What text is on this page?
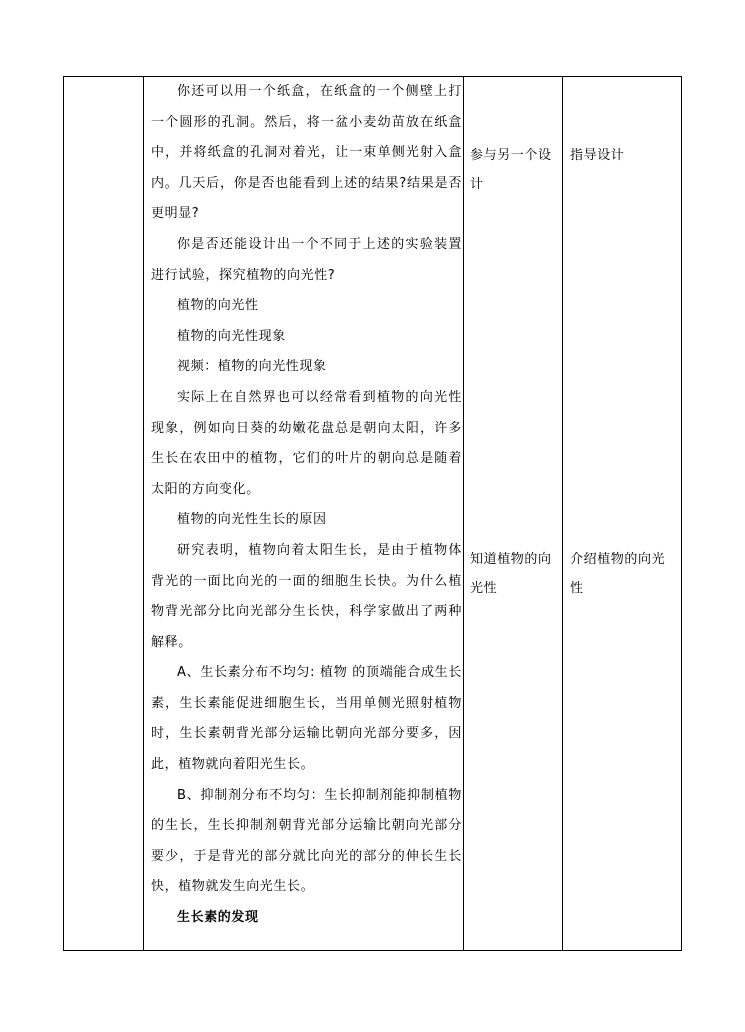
你还可以用一个纸盒，在纸盒的一个侧壁上打一个圆形的孔洞。然后，将一盆小麦幼苗放在纸盒中，并将纸盒的孔洞对着光，让一束单侧光射入盒内。几天后，你是否也能看到上述的结果?结果是否更明显?

你是否还能设计出一个不同于上述的实验装置进行试验，探究植物的向光性?

植物的向光性

植物的向光性现象

视频：植物的向光性现象

实际上在自然界也可以经常看到植物的向光性现象，例如向日葵的幼嫩花盘总是朝向太阳，许多生长在农田中的植物，它们的叶片的朝向总是随着太阳的方向变化。

植物的向光性生长的原因

研究表明，植物向着太阳生长，是由于植物体背光的一面比向光的一面的细胞生长快。为什么植物背光部分比向光部分生长快，科学家做出了两种解释。

A、生长素分布不均匀: 植物 的顶端能合成生长素，生长素能促进细胞生长，当用单侧光照射植物 时，生长素朝背光部分运输比朝向光部分要多，因此，植物就向着阳光生长。

B、抑制剂分布不均匀：生长抑制剂能抑制植物的生长，生长抑制剂朝背光部分运输比朝向光部分要少，于是背光的部分就比向光的部分的伸长生长快，植物就发生向光生长。

生长素的发现

参与另一个设计
指导设计
知道植物的向光性
介绍植物的向光性
